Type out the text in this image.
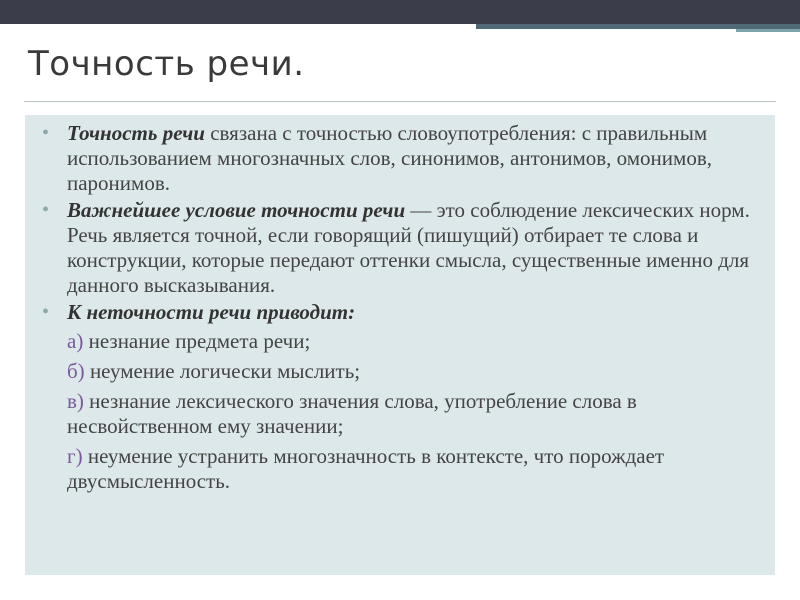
Точность речи.
• Точность речи связана с точностью словоупотребления: с правильным использованием многозначных слов, синонимов, антонимов, омонимов, паронимов.
• Важнейшее условие точности речи — это соблюдение лексических норм. Речь является точной, если говорящий (пишущий) отбирает те слова и конструкции, которые передают оттенки смысла, существенные именно для данного высказывания.
• К неточности речи приводит:
а) незнание предмета речи;
б) неумение логически мыслить;
в) незнание лексического значения слова, употребление слова в несвойственном ему значении;
г) неумение устранить многозначность в контексте, что порождает двусмысленность.
